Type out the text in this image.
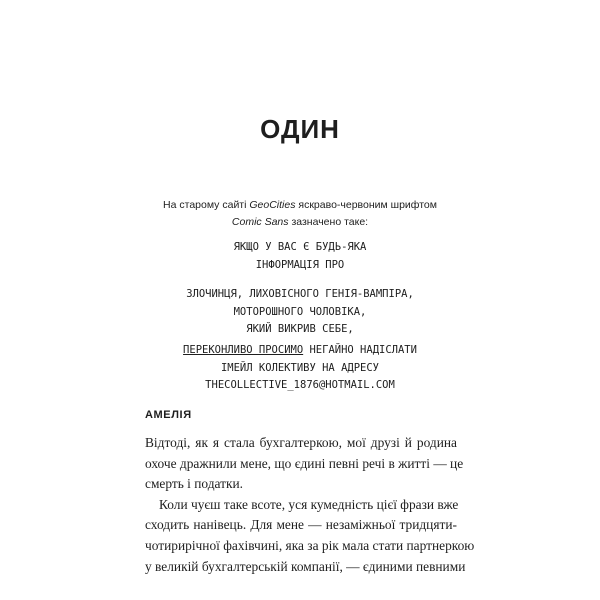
ОДИН
На старому сайті GeoCities яскраво-червоним шрифтом
Comic Sans зазначено таке:
ЯКЩО У ВАС Є БУДЬ-ЯКА
ІНФОРМАЦІЯ ПРО
ЗЛОЧИНЦЯ, ЛИХОВІСНОГО ГЕНІЯ-ВАМПІРА,
МОТОРОШНОГО ЧОЛОВІКА,
ЯКИЙ ВИКРИВ СЕБЕ,
ПЕРЕКОНЛИВО ПРОСИМО НЕГАЙНО НАДІСЛАТИ
ІМЕЙЛ КОЛЕКТИВУ НА АДРЕСУ
THECOLLECTIVE_1876@HOTMAIL.COM
АМЕЛІЯ
Відтоді, як я стала бухгалтеркою, мої друзі й родина
охоче дражнили мене, що єдині певні речі в житті — це
смерть і податки.
Коли чуєш таке всоте, уся кумедність цієї фрази вже
сходить нанівець. Для мене — незаміжньої тридцяти-
чотирирічної фахівчині, яка за рік мала стати партнеркою
у великій бухгалтерській компанії, — єдиними певними
